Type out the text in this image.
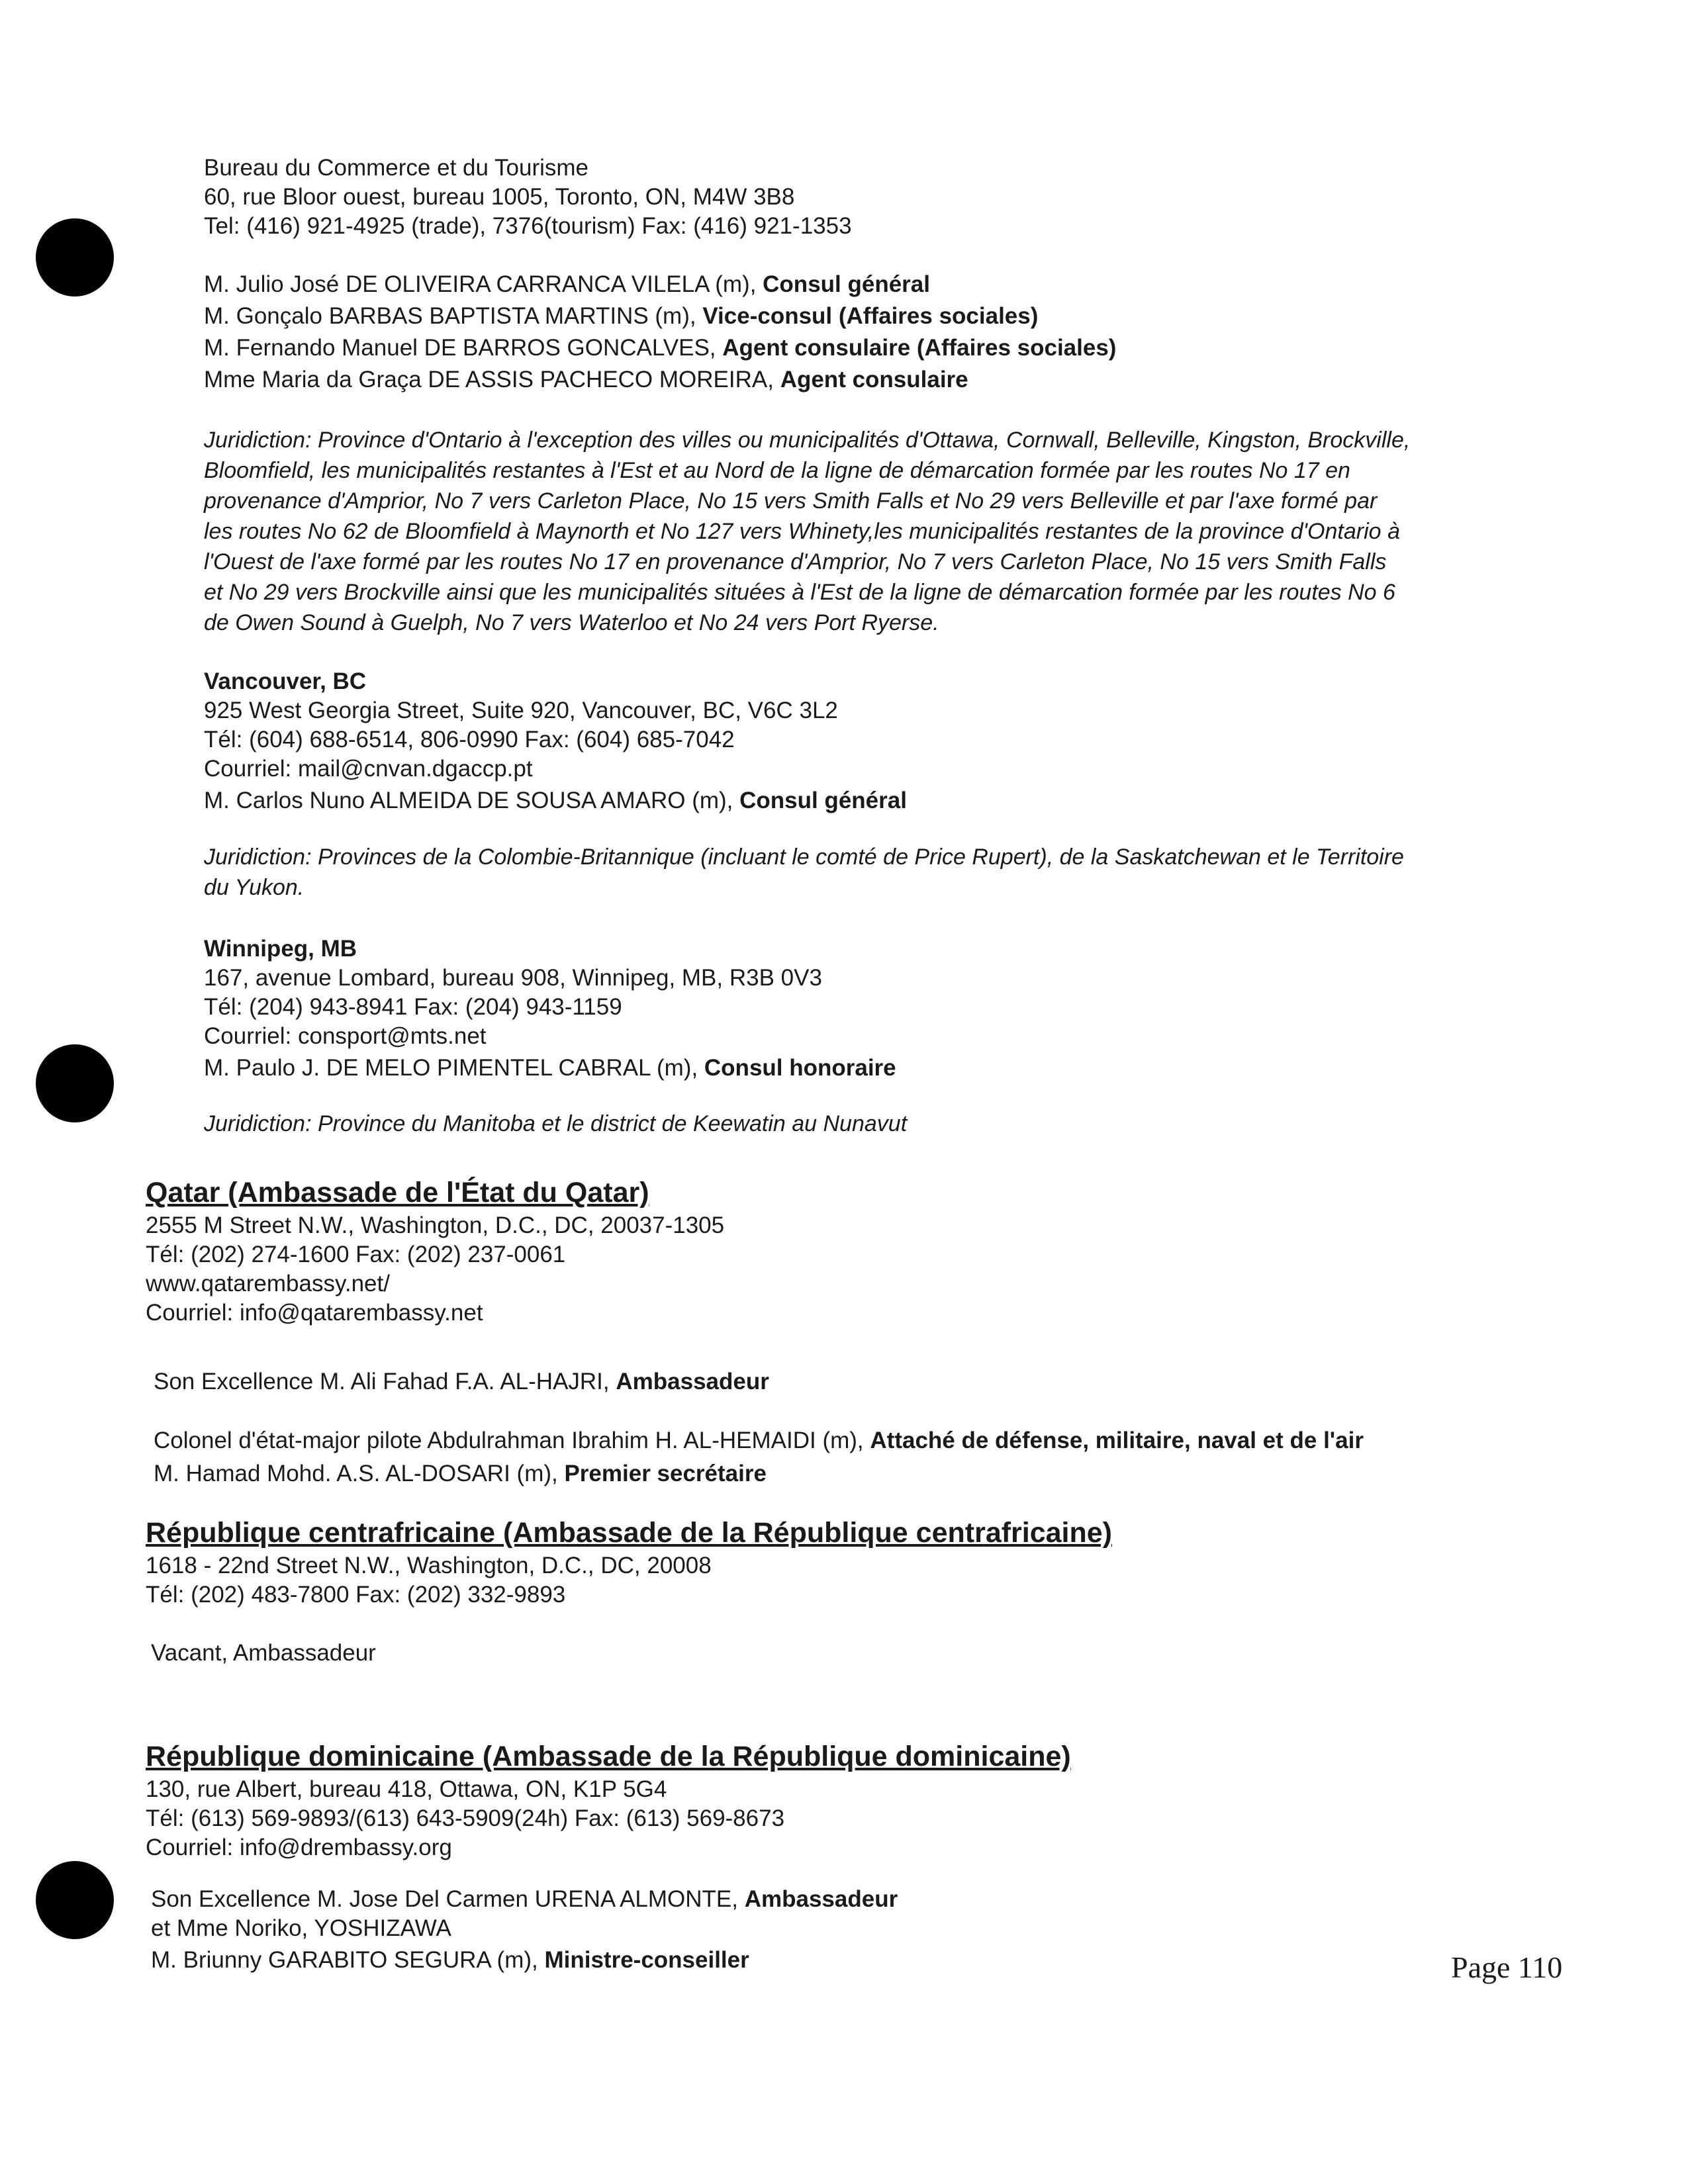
Bureau du Commerce et du Tourisme
60, rue Bloor ouest, bureau 1005, Toronto, ON, M4W 3B8
Tel: (416) 921-4925 (trade), 7376(tourism) Fax: (416) 921-1353
M. Julio José DE OLIVEIRA CARRANCA VILELA (m), Consul général
M. Gonçalo BARBAS BAPTISTA MARTINS (m), Vice-consul (Affaires sociales)
M. Fernando Manuel DE BARROS GONCALVES, Agent consulaire (Affaires sociales)
Mme Maria da Graça DE ASSIS PACHECO MOREIRA, Agent consulaire
Juridiction: Province d'Ontario à l'exception des villes ou municipalités d'Ottawa, Cornwall, Belleville, Kingston, Brockville,
Bloomfield, les municipalités restantes à l'Est et au Nord de la ligne de démarcation formée par les routes No 17 en
provenance d'Amprior, No 7 vers Carleton Place, No 15 vers Smith Falls et No 29 vers Belleville et par l'axe formé par
les routes No 62 de Bloomfield à Maynorth et No 127 vers Whinety,les municipalités restantes de la province d'Ontario à
l'Ouest de l'axe formé par les routes No 17 en provenance d'Amprior, No 7 vers Carleton Place, No 15 vers Smith Falls
et No 29 vers Brockville ainsi que les municipalités situées à l'Est de la ligne de démarcation formée par les routes No 6
de Owen Sound à Guelph, No 7 vers Waterloo et No 24 vers Port Ryerse.
Vancouver, BC
925 West Georgia Street, Suite 920, Vancouver, BC, V6C 3L2
Tél: (604) 688-6514, 806-0990 Fax: (604) 685-7042
Courriel: mail@cnvan.dgaccp.pt
M. Carlos Nuno ALMEIDA DE SOUSA AMARO (m), Consul général
Juridiction: Provinces de la Colombie-Britannique (incluant le comté de Price Rupert), de la Saskatchewan et le Territoire
du Yukon.
Winnipeg, MB
167, avenue Lombard, bureau 908, Winnipeg, MB, R3B 0V3
Tél: (204) 943-8941 Fax: (204) 943-1159
Courriel: consport@mts.net
M. Paulo J. DE MELO PIMENTEL CABRAL (m), Consul honoraire
Juridiction: Province du Manitoba et le district de Keewatin au Nunavut
Qatar (Ambassade de l'État du Qatar)
2555 M Street N.W., Washington, D.C., DC, 20037-1305
Tél: (202) 274-1600 Fax: (202) 237-0061
www.qatarembassy.net/
Courriel: info@qatarembassy.net
Son Excellence M. Ali Fahad F.A. AL-HAJRI, Ambassadeur
Colonel d'état-major pilote Abdulrahman Ibrahim H. AL-HEMAIDI (m), Attaché de défense, militaire, naval et de l'air
M. Hamad Mohd. A.S. AL-DOSARI (m), Premier secrétaire
République centrafricaine (Ambassade de la République centrafricaine)
1618 - 22nd Street N.W., Washington, D.C., DC, 20008
Tél: (202) 483-7800 Fax: (202) 332-9893
Vacant, Ambassadeur
République dominicaine (Ambassade de la République dominicaine)
130, rue Albert, bureau 418, Ottawa, ON, K1P 5G4
Tél: (613) 569-9893/(613) 643-5909(24h) Fax: (613) 569-8673
Courriel: info@drembassy.org
Son Excellence M. Jose Del Carmen URENA ALMONTE, Ambassadeur
et Mme Noriko, YOSHIZAWA
M. Briunny GARABITO SEGURA (m), Ministre-conseiller	Page 110
